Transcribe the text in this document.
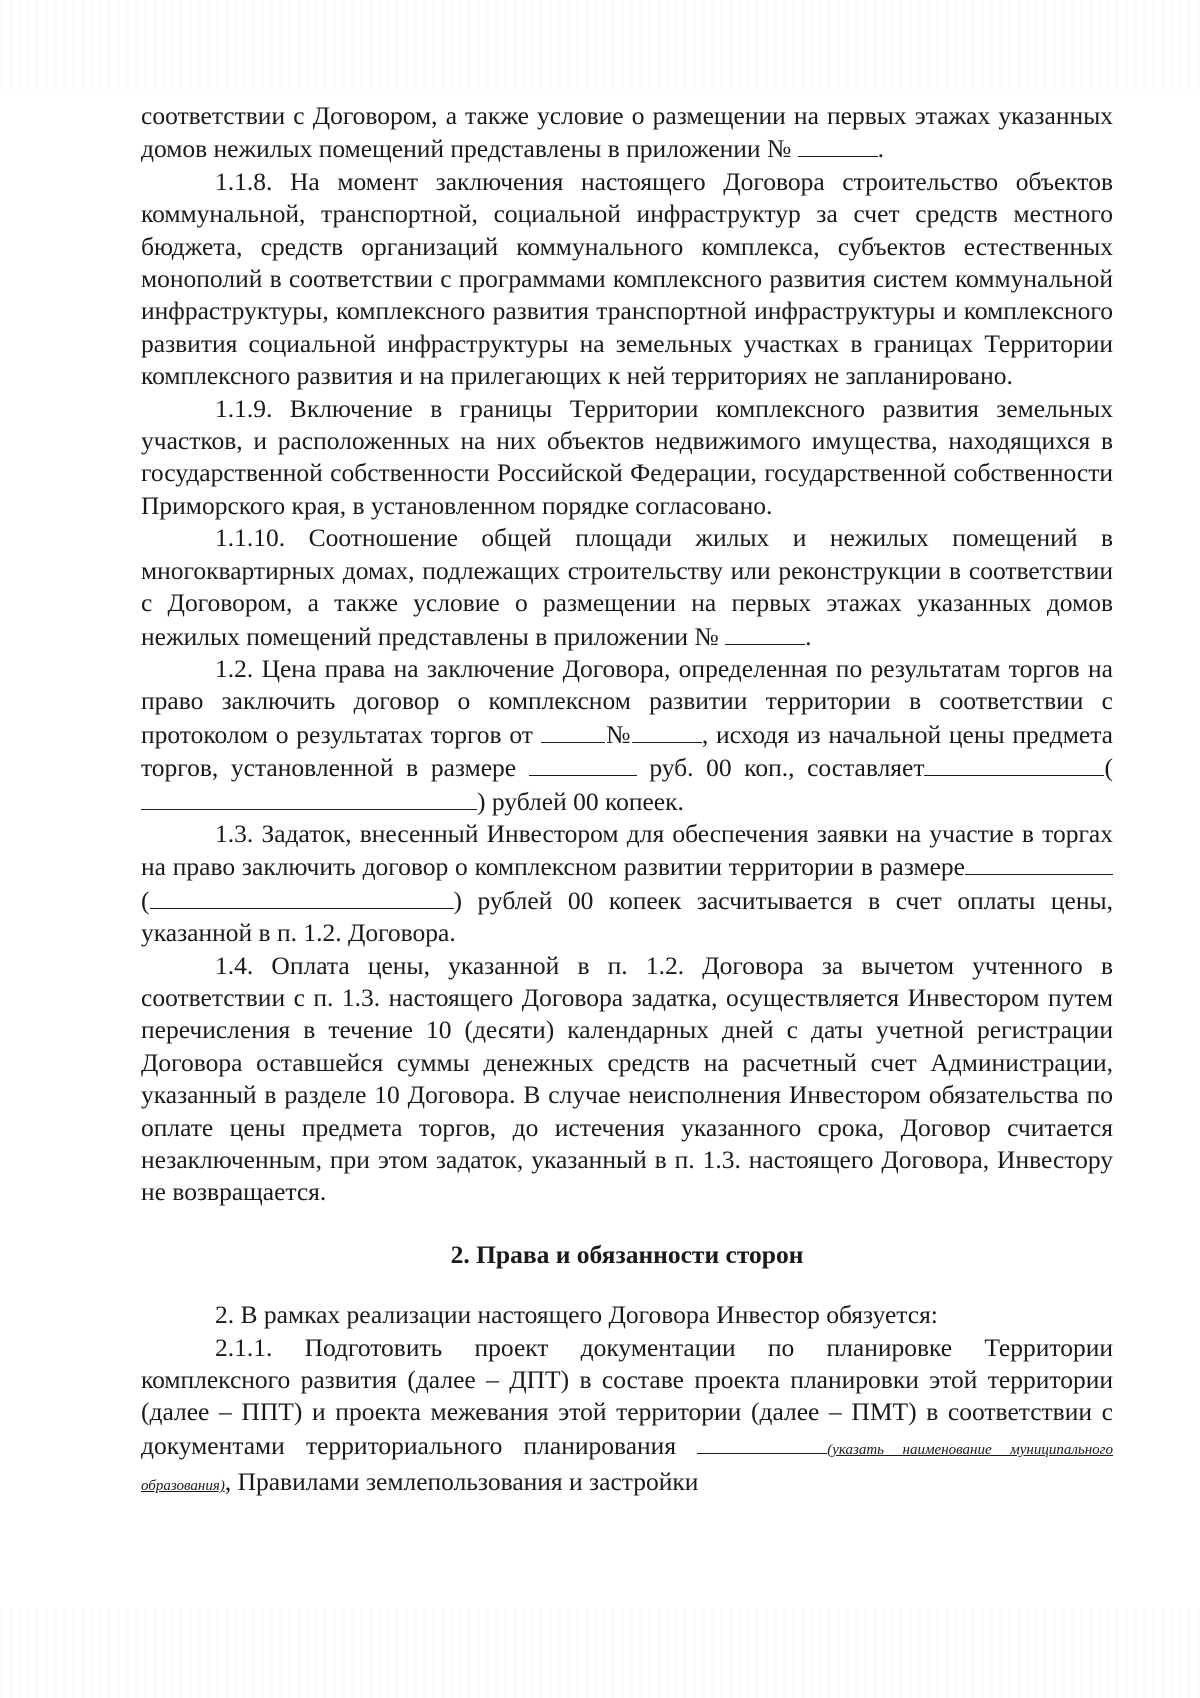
соответствии с Договором, а также условие о размещении на первых этажах указанных домов нежилых помещений представлены в приложении №	.

1.1.8. На момент заключения настоящего Договора строительство объектов коммунальной, транспортной, социальной инфраструктур за счет средств местного бюджета, средств организаций коммунального комплекса, субъектов естественных монополий в соответствии с программами комплексного развития систем коммунальной инфраструктуры, комплексного развития транспортной инфраструктуры и комплексного развития социальной инфраструктуры на земельных участках в границах Территории комплексного развития и на прилегающих к ней территориях не запланировано.

1.1.9. Включение в границы Территории комплексного развития земельных участков, и расположенных на них объектов недвижимого имущества, находящихся в государственной собственности Российской Федерации, государственной собственности Приморского края, в установленном порядке согласовано.

1.1.10. Соотношение общей площади жилых и нежилых помещений в многоквартирных домах, подлежащих строительству или реконструкции в соответствии с Договором, а также условие о размещении на первых этажах указанных домов нежилых помещений представлены в приложении №	.

1.2. Цена права на заключение Договора, определенная по результатам торгов на право заключить договор о комплексном развитии территории в соответствии с протоколом о результатах торгов от	№	, исходя из начальной цены предмета торгов, установленной в размере	руб. 00 коп., составляет	() рублей 00 копеек.

1.3. Задаток, внесенный Инвестором для обеспечения заявки на участие в торгах на право заключить договор о комплексном развитии территории в размере(	) рублей 00 копеек засчитывается в счет оплаты цены, указанной в п. 1.2. Договора.

1.4. Оплата цены, указанной в п. 1.2. Договора за вычетом учтенного в соответствии с п. 1.3. настоящего Договора задатка, осуществляется Инвестором путем перечисления в течение 10 (десяти) календарных дней с даты учетной регистрации Договора оставшейся суммы денежных средств на расчетный счет Администрации, указанный в разделе 10 Договора. В случае неисполнения Инвестором обязательства по оплате цены предмета торгов, до истечения указанного срока, Договор считается незаключенным, при этом задаток, указанный в п. 1.3. настоящего Договора, Инвестору не возвращается.

2. Права и обязанности сторон

2. В рамках реализации настоящего Договора Инвестор обязуется:

2.1.1. Подготовить проект документации по планировке Территории комплексного развития (далее – ДПТ) в составе проекта планировки этой территории (далее – ППТ) и проекта межевания этой территории (далее – ПМТ) в соответствии с документами территориального планирования	(указать наименование муниципального образования), Правилами землепользования и застройки
